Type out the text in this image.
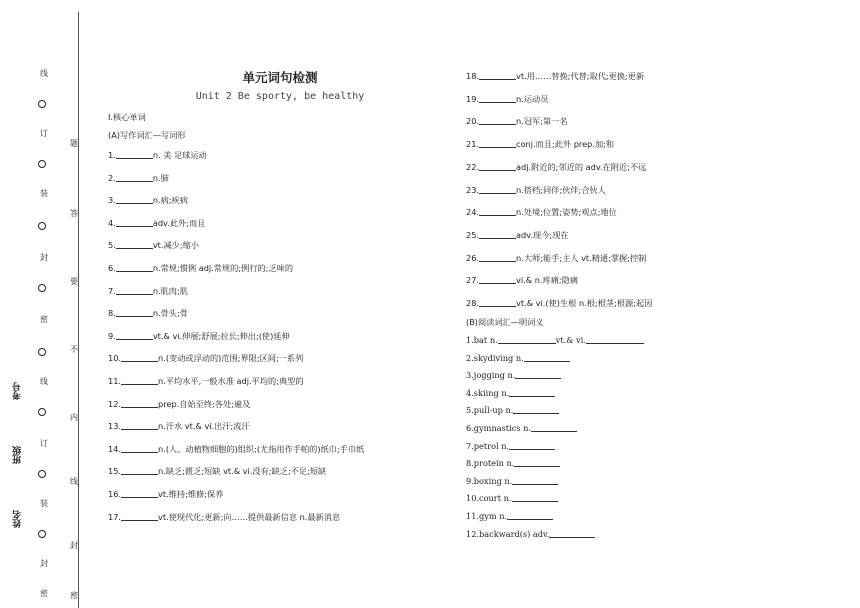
线
订
装
封
密
线
订
装
封
密
题
答
要
不
内
线
封
密
考号
班级
姓名
单元词句检测
Unit 2 Be sporty, be healthy
Ⅰ.核心单词
(A)写作词汇—写词形
1.	n. 美 足球运动
2.	n.肺
3.	n.病;疾病
4.	adv.此外;而且
5.	vt.减少;缩小
6.	n.常规;惯例 adj.常规的;例行的;乏味的
7.	n.肌肉;肌
8.	n.骨头;骨
9.	vt.& vi.伸展;舒展;拉长;伸出;(使)延伸
10.	n.(变动或浮动的)范围;界限;区间;一系列
11.	n.平均水平,一般水准 adj.平均的;典型的
12.	prep.自始至终;各处;遍及
13.	n.汗水 vt.& vi.出汗;流汗
14.	n.(人、动植物细胞的)组织;(尤指用作手帕的)纸巾;手巾纸
15.	n.缺乏;匮乏;短缺 vt.& vi.没有;缺乏;不足;短缺
16.	vt.维持;维修;保养
17.	vt.使现代化;更新;向……提供最新信息 n.最新消息
18.	vt.用……替换;代替;取代;更换;更新
19.	n.运动员
20.	n.冠军;第一名
21.	conj.而且;此外 prep.加;和
22.	adj.附近的;邻近的 adv.在附近;不远
23.	n.搭档;同伴;伙伴;合伙人
24.	n.处境;位置;姿势;观点;地位
25.	adv.现今;现在
26.	n.大师;能手;主人 vt.精通;掌握;控制
27.	vi.& n.疼痛;隐痛
28.	vt.& vi.(使)生根 n.根;根茎;根源;起因
(B)阅读词汇—明词义
1.bat n.	vt.& vi.
2.skydiving n.
3.jogging n.
4.skiing n.
5.pull-up n.
6.gymnastics n.
7.petrol n.
8.protein n.
9.boxing n.
10.court n.
11.gym n.
12.backward(s) adv.
